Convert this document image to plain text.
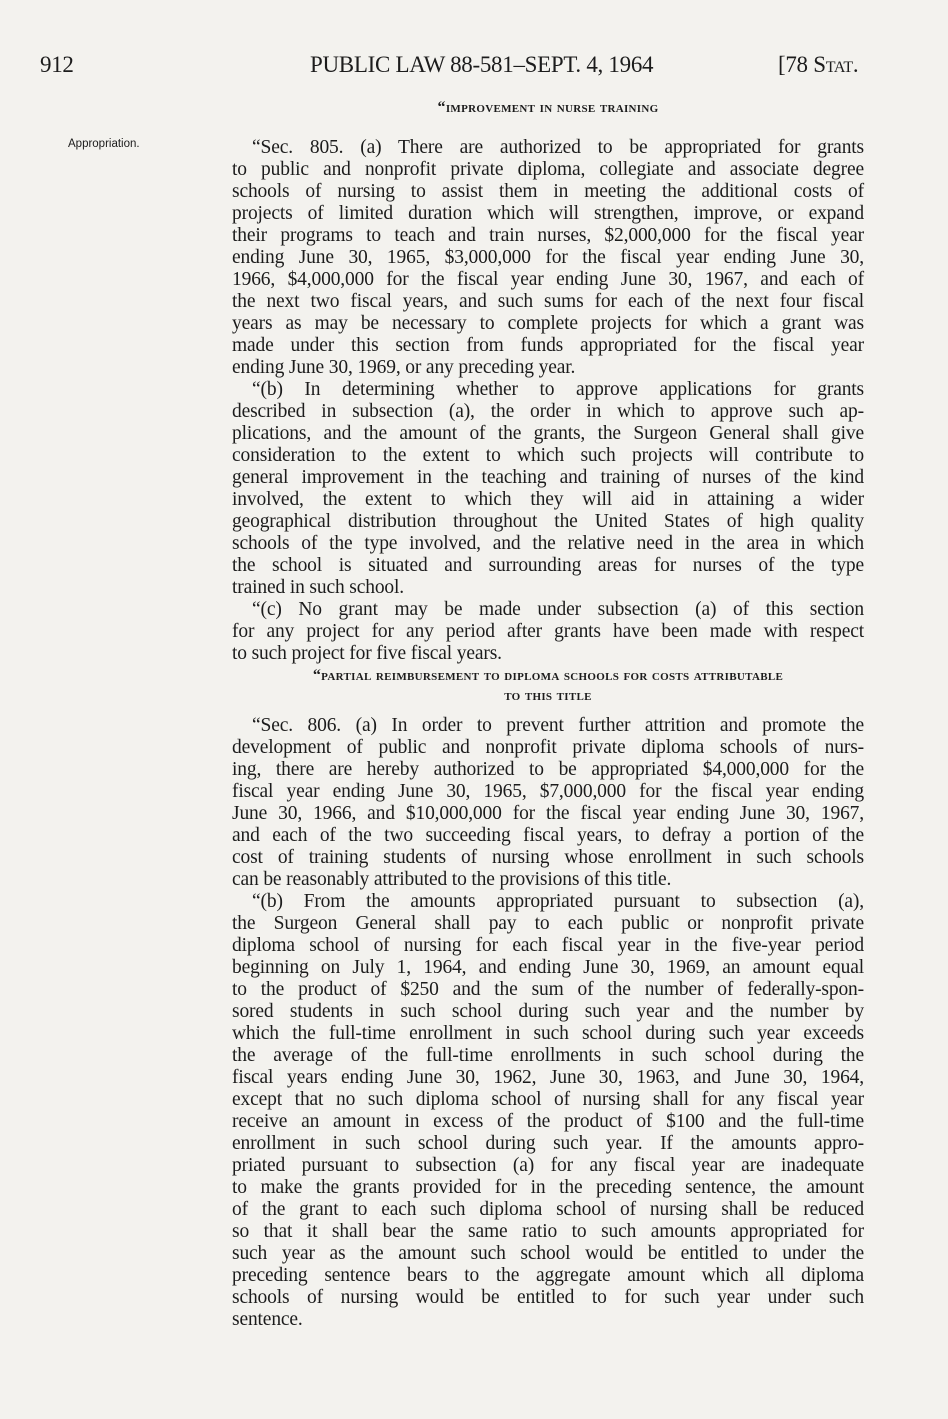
912	PUBLIC LAW 88-581–SEPT. 4, 1964	[78 Stat.
“improvement in nurse training
Appropriation.	“Sec. 805. (a) There are authorized to be appropriated for grants
to public and nonprofit private diploma, collegiate and associate degree
schools of nursing to assist them in meeting the additional costs of
projects of limited duration which will strengthen, improve, or expand
their programs to teach and train nurses, $2,000,000 for the fiscal year
ending June 30, 1965, $3,000,000 for the fiscal year ending June 30,
1966, $4,000,000 for the fiscal year ending June 30, 1967, and each of
the next two fiscal years, and such sums for each of the next four fiscal
years as may be necessary to complete projects for which a grant was
made under this section from funds appropriated for the fiscal year
ending June 30, 1969, or any preceding year.
“(b) In determining whether to approve applications for grants
described in subsection (a), the order in which to approve such ap-
plications, and the amount of the grants, the Surgeon General shall give
consideration to the extent to which such projects will contribute to
general improvement in the teaching and training of nurses of the kind
involved, the extent to which they will aid in attaining a wider
geographical distribution throughout the United States of high quality
schools of the type involved, and the relative need in the area in which
the school is situated and surrounding areas for nurses of the type
trained in such school.
“(c) No grant may be made under subsection (a) of this section
for any project for any period after grants have been made with respect
to such project for five fiscal years.
“partial reimbursement to diploma schools for costs attributable
to this title
“Sec. 806. (a) In order to prevent further attrition and promote the
development of public and nonprofit private diploma schools of nurs-
ing, there are hereby authorized to be appropriated $4,000,000 for the
fiscal year ending June 30, 1965, $7,000,000 for the fiscal year ending
June 30, 1966, and $10,000,000 for the fiscal year ending June 30, 1967,
and each of the two succeeding fiscal years, to defray a portion of the
cost of training students of nursing whose enrollment in such schools
can be reasonably attributed to the provisions of this title.
“(b) From the amounts appropriated pursuant to subsection (a),
the Surgeon General shall pay to each public or nonprofit private
diploma school of nursing for each fiscal year in the five-year period
beginning on July 1, 1964, and ending June 30, 1969, an amount equal
to the product of $250 and the sum of the number of federally-spon-
sored students in such school during such year and the number by
which the full-time enrollment in such school during such year exceeds
the average of the full-time enrollments in such school during the
fiscal years ending June 30, 1962, June 30, 1963, and June 30, 1964,
except that no such diploma school of nursing shall for any fiscal year
receive an amount in excess of the product of $100 and the full-time
enrollment in such school during such year. If the amounts appro-
priated pursuant to subsection (a) for any fiscal year are inadequate
to make the grants provided for in the preceding sentence, the amount
of the grant to each such diploma school of nursing shall be reduced
so that it shall bear the same ratio to such amounts appropriated for
such year as the amount such school would be entitled to under the
preceding sentence bears to the aggregate amount which all diploma
schools of nursing would be entitled to for such year under such
sentence.
